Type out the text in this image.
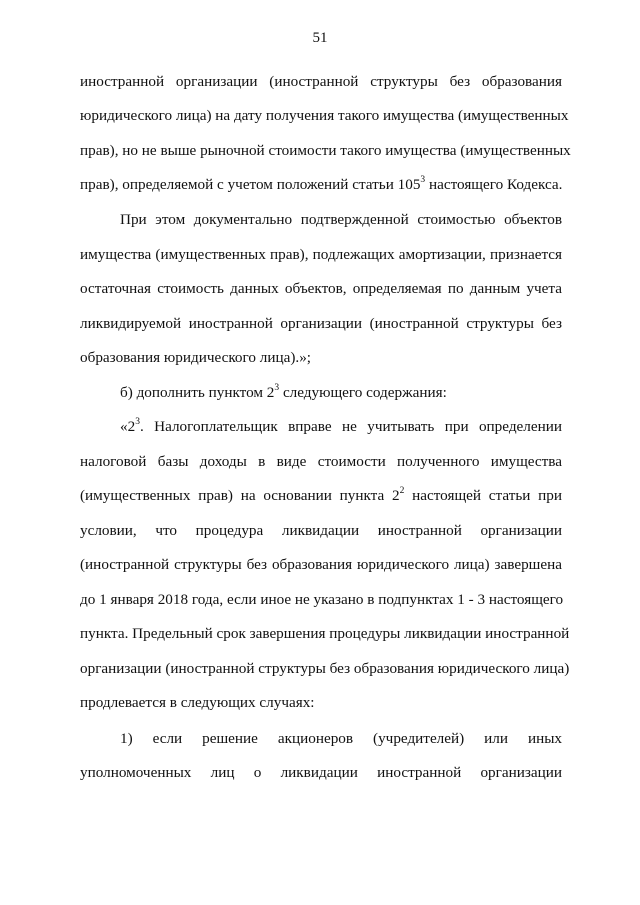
51
иностранной организации (иностранной структуры без образования
юридического лица) на дату получения такого имущества (имущественных
прав), но не выше рыночной стоимости такого имущества (имущественных
прав), определяемой с учетом положений статьи $105^3$ настоящего Кодекса.
При этом документально подтвержденной стоимостью объектов
имущества (имущественных прав), подлежащих амортизации, признается
остаточная стоимость данных объектов, определяемая по данным учета
ликвидируемой иностранной организации (иностранной структуры без
образования юридического лица).»;
б) дополнить пунктом $2^3$ следующего содержания:
«$2^3$. Налогоплательщик вправе не учитывать при определении
налоговой базы доходы в виде стоимости полученного имущества
(имущественных прав) на основании пункта $2^2$ настоящей статьи при
условии, что процедура ликвидации иностранной организации
(иностранной структуры без образования юридического лица) завершена
до 1 января 2018 года, если иное не указано в подпунктах 1 - 3 настоящего
пункта. Предельный срок завершения процедуры ликвидации иностранной
организации (иностранной структуры без образования юридического лица)
продлевается в следующих случаях:
1) если решение акционеров (учредителей) или иных
уполномоченных лиц о ликвидации иностранной организации
